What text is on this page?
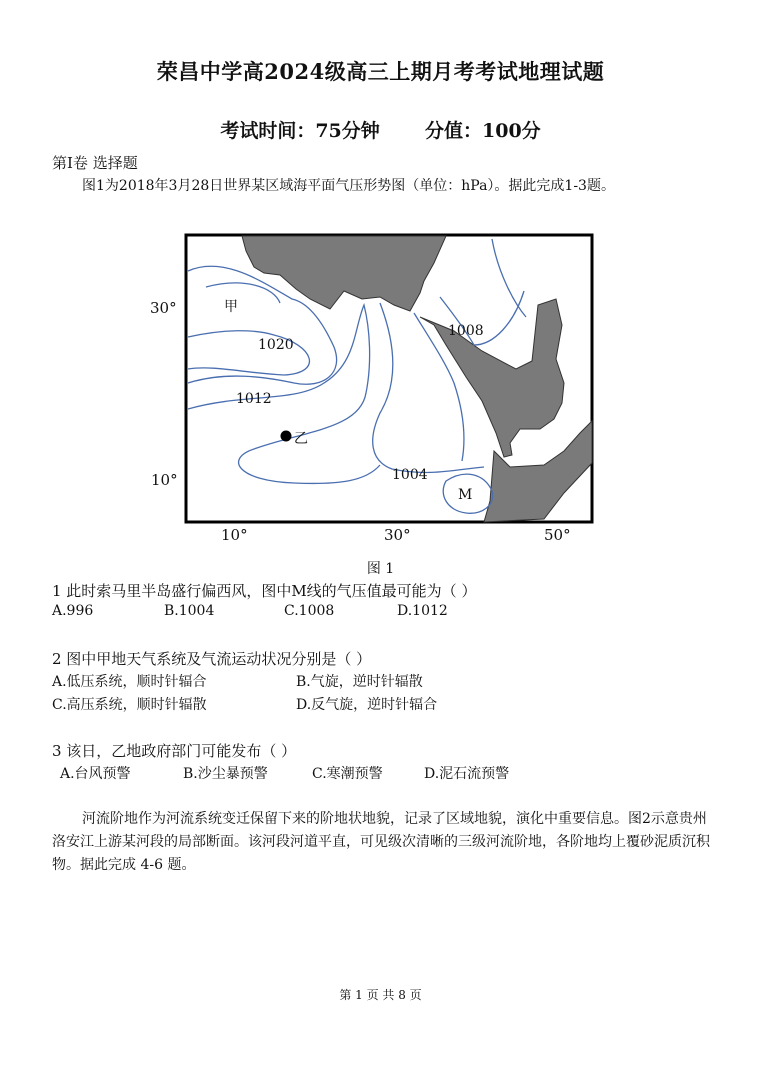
荣昌中学高2024级高三上期月考考试地理试题
考试时间：75分钟 分值：100分
第Ⅰ卷 选择题
图1为2018年3月28日世界某区域海平面气压形势图（单位：hPa）。据此完成1-3题。
甲
乙
M
1020
1012
1008
1004
30°
10°
10°	30°	50°
图 1
1 此时索马里半岛盛行偏西风，图中M线的气压值最可能为（ ）
A.996	B.1004	C.1008	D.1012
2 图中甲地天气系统及气流运动状况分别是（ ）
A.低压系统，顺时针辐合	B.气旋，逆时针辐散
C.高压系统，顺时针辐散	D.反气旋，逆时针辐合
3 该日，乙地政府部门可能发布（ ）
A.台风预警	B.沙尘暴预警	C.寒潮预警	D.泥石流预警
河流阶地作为河流系统变迁保留下来的阶地状地貌，记录了区域地貌，演化中重要信息。图2示意贵州洛安江上游某河段的局部断面。该河段河道平直，可见级次清晰的三级河流阶地，各阶地均上覆砂泥质沉积物。据此完成 4-6 题。
第 1 页 共 8 页
